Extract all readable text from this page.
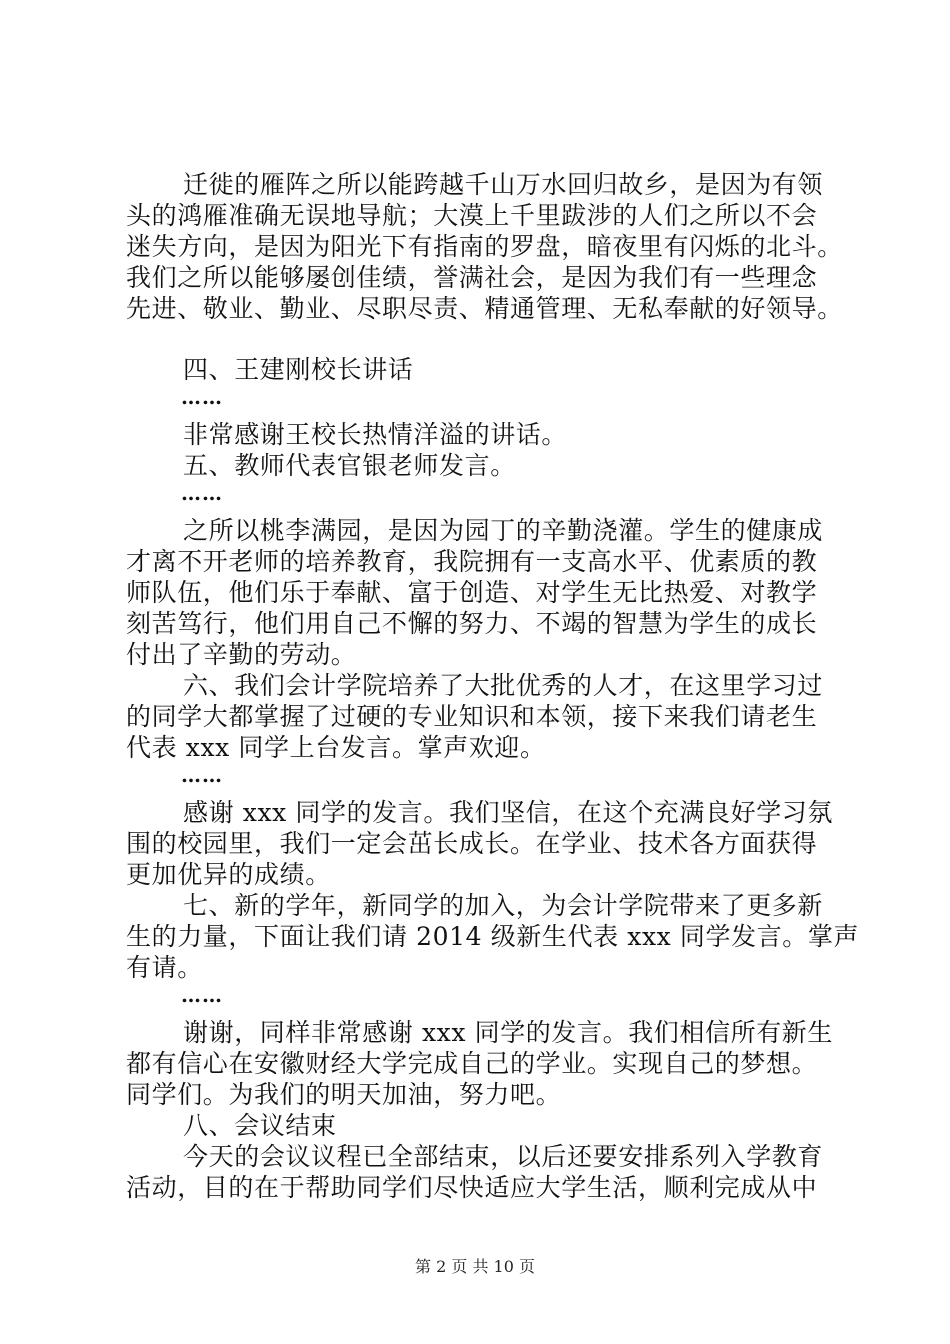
迁徙的雁阵之所以能跨越千山万水回归故乡，是因为有领
头的鸿雁准确无误地导航；大漠上千里跋涉的人们之所以不会
迷失方向，是因为阳光下有指南的罗盘，暗夜里有闪烁的北斗。
我们之所以能够屡创佳绩，誉满社会，是因为我们有一些理念
先进、敬业、勤业、尽职尽责、精通管理、无私奉献的好领导。
四、王建刚校长讲话
……
非常感谢王校长热情洋溢的讲话。
五、教师代表官银老师发言。
……
之所以桃李满园，是因为园丁的辛勤浇灌。学生的健康成
才离不开老师的培养教育，我院拥有一支高水平、优素质的教
师队伍，他们乐于奉献、富于创造、对学生无比热爱、对教学
刻苦笃行，他们用自己不懈的努力、不竭的智慧为学生的成长
付出了辛勤的劳动。
六、我们会计学院培养了大批优秀的人才，在这里学习过
的同学大都掌握了过硬的专业知识和本领，接下来我们请老生
代表 xxx 同学上台发言。掌声欢迎。
……
感谢 xxx 同学的发言。我们坚信，在这个充满良好学习氛
围的校园里，我们一定会茁长成长。在学业、技术各方面获得
更加优异的成绩。
七、新的学年，新同学的加入，为会计学院带来了更多新
生的力量，下面让我们请 2014 级新生代表 xxx 同学发言。掌声
有请。
……
谢谢，同样非常感谢 xxx 同学的发言。我们相信所有新生
都有信心在安徽财经大学完成自己的学业。实现自己的梦想。
同学们。为我们的明天加油，努力吧。
八、会议结束
今天的会议议程已全部结束，以后还要安排系列入学教育
活动，目的在于帮助同学们尽快适应大学生活，顺利完成从中
第 2 页 共 10 页
